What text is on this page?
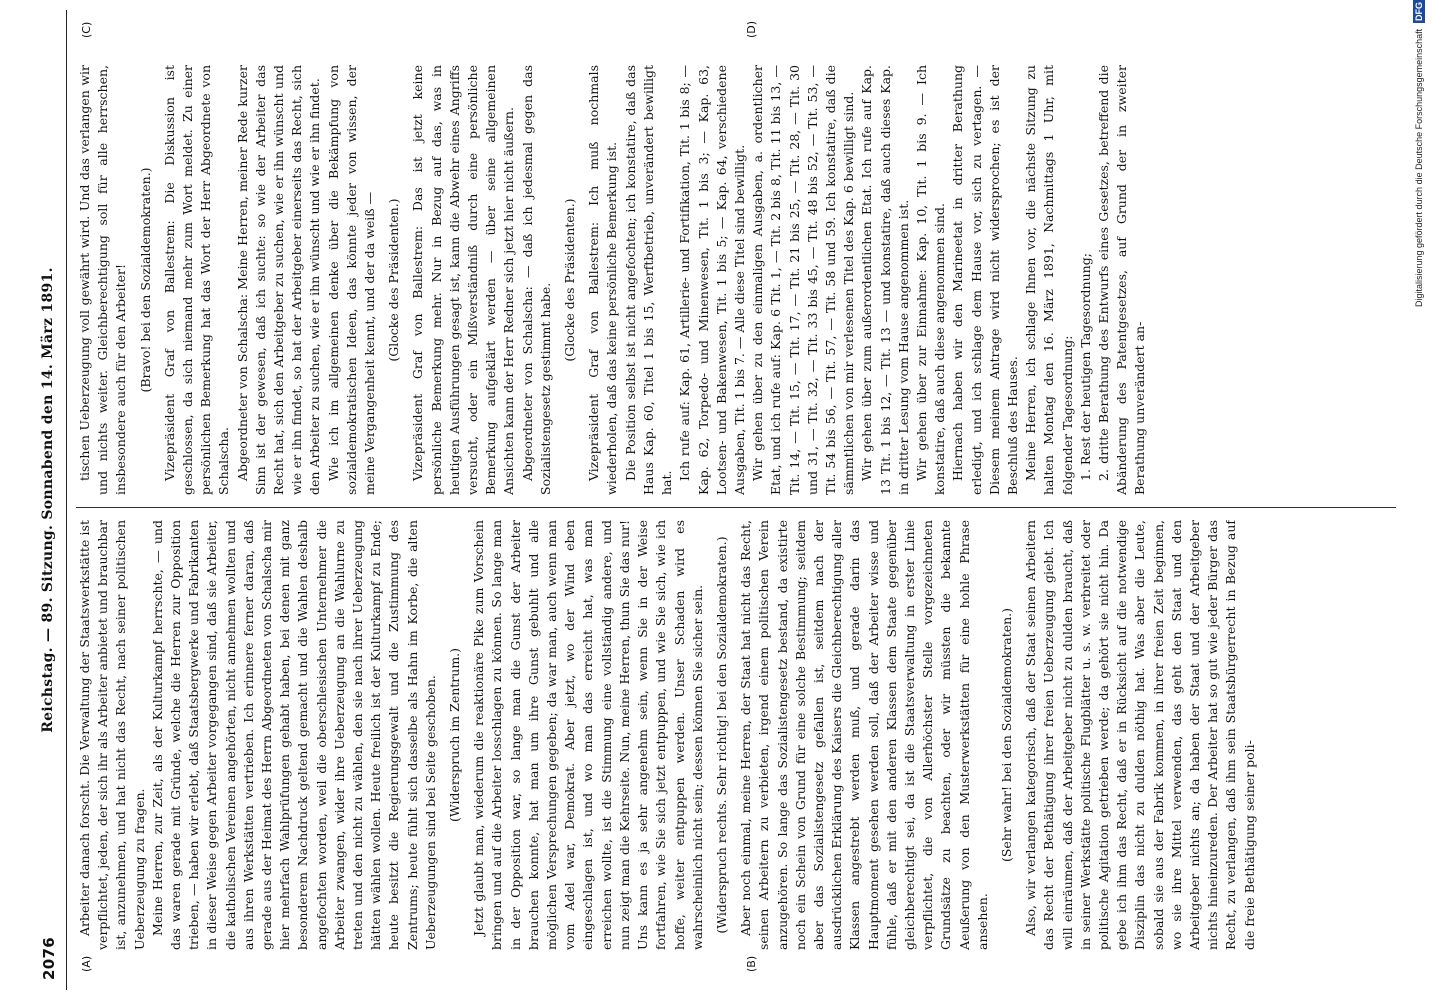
2076
Reichstag. — 89. Sitzung. Sonnabend den 14. März 1891.
(A)	(B)
(C)	(D)

Arbeiter danach forscht. Die Verwaltung der Staatswerkstätte ist verpflichtet, jeden, der sich ihr als Arbeiter anbietet und brauchbar ist, anzunehmen, und hat nicht das Recht, nach seiner politischen Ueberzeugung zu fragen. Meine Herren, zur Zeit, als der Kulturkampf herrschte, — und das waren gerade mit Gründe, welche die Herren zur Opposition trieben, — haben wir erlebt, daß Staatsbergwerke und Fabrikanten in dieser Weise gegen Arbeiter vorgegangen sind, daß sie Arbeiter, die katholischen Vereinen angehörten, nicht annehmen wollten und aus ihren Werkstätten vertrieben. Ich erinnere ferner daran, daß gerade aus der Heimat des Herrn Abgeordneten von Schalscha mir hier mehrfach Wahlprüfungen gehabt haben, bei denen mit ganz besonderem Nachdruck geltend gemacht und die Wahlen deshalb angefochten worden, weil die oberschlesischen Unternehmer die Arbeiter zwangen, wider ihre Ueberzeugung an die Wahlurne zu treten und den nicht zu wählen, den sie nach ihrer Ueberzeugung hätten wählen wollen. Heute freilich ist der Kulturkampf zu Ende; heute besitzt die Regierungsgewalt und die Zustimmung des Zentrums; heute fühlt sich dasselbe als Hahn im Korbe, die alten Ueberzeugungen sind bei Seite geschoben. (Widerspruch im Zentrum.) Jetzt glaubt man, wiederum die reaktionäre Pike zum Vorschein bringen und auf die Arbeiter losschlagen zu können. So lange man in der Opposition war, so lange man die Gunst der Arbeiter brauchen konnte, hat man um ihre Gunst gebuhlt und alle möglichen Versprechungen gegeben; da war man, auch wenn man vom Adel war, Demokrat. Aber jetzt, wo der Wind eben eingeschlagen ist, und wo man das erreicht hat, was man erreichen wollte, ist die Stimmung eine vollständig andere, und nun zeigt man die Kehrseite. Nun, meine Herren, thun Sie das nur! Uns kann es ja sehr angenehm sein, wenn Sie in der Weise fortfahren, wie Sie sich jetzt entpuppen, und wie Sie sich, wie ich hoffe, weiter entpuppen werden. Unser Schaden wird es wahrscheinlich nicht sein; dessen können Sie sicher sein. (Widerspruch rechts. Sehr richtig! bei den Sozialdemokraten.) Aber noch einmal, meine Herren, der Staat hat nicht das Recht, seinen Arbeitern zu verbieten, irgend einem politischen Verein anzugehören. So lange das Sozialistengesetz bestand, da existirte noch ein Schein von Grund für eine solche Bestimmung; seitdem aber das Sozialistengesetz gefallen ist, seitdem nach der ausdrücklichen Erklärung des Kaisers die Gleichberechtigung aller Klassen angestrebt werden muß, und gerade darin das Hauptmoment gesehen werden soll, daß der Arbeiter wisse und fühle, daß er mit den anderen Klassen dem Staate gegenüber gleichberechtigt sei, da ist die Staatsverwaltung in erster Linie verpflichtet, die von Allerhöchster Stelle vorgezeichneten Grundsätze zu beachten, oder wir müssten die bekannte Aeußerung von den Musterwerkstätten für eine hohle Phrase ansehen.

(Sehr wahr! bei den Sozialdemokraten.) Also, wir verlangen kategorisch, daß der Staat seinen Arbeitern das Recht der Bethätigung ihrer freien Ueberzeugung giebt. Ich will einräumen, daß der Arbeitgeber nicht zu dulden braucht, daß in seiner Werkstätte politische Flugblätter u. s. w. verbreitet oder politische Agitation getrieben werde; da gehört sie nicht hin. Da gebe ich ihm das Recht, daß er in Rücksicht auf die notwendige Disziplin das nicht zu dulden nöthig hat. Was aber die Leute, sobald sie aus der Fabrik kommen, in ihrer freien Zeit beginnen, wo sie ihre Mittel verwenden, das geht den Staat und den Arbeitgeber nichts an; da haben der Staat und der Arbeitgeber nichts hineinzureden. Der Arbeiter hat so gut wie jeder Bürger das Recht, zu verlangen, daß ihm sein Staatsbürgerrecht in Bezug auf die freie Bethätigung seiner poli-

tischen Ueberzeugung voll gewährt wird. Und das verlangen wir und nichts weiter. Gleichberechtigung soll für alle herrschen, insbesondere auch für den Arbeiter! (Bravo! bei den Sozialdemokraten.) Vizepräsident Graf von Ballestrem: Die Diskussion ist geschlossen, da sich niemand mehr zum Wort meldet. Zu einer persönlichen Bemerkung hat das Wort der Herr Abgeordnete von Schalscha. Abgeordneter von Schalscha: Meine Herren, meiner Rede kurzer Sinn ist der gewesen, daß ich suchte: so wie der Arbeiter das Recht hat, sich den Arbeitgeber zu suchen, wie er ihn wünscht und wie er ihn findet, so hat der Arbeitgeber einerseits das Recht, sich den Arbeiter zu suchen, wie er ihn wünscht und wie er ihn findet. Wie ich im allgemeinen denke über die Bekämpfung von sozialdemokratischen Ideen, das könnte jeder von wissen, der meine Vergangenheit kennt, und der da weiß — (Glocke des Präsidenten.) Vizepräsident Graf von Ballestrem: Das ist jetzt keine persönliche Bemerkung mehr. Nur in Bezug auf das, was in heutigen Ausführungen gesagt ist, kann die Abwehr eines Angriffs versucht, oder ein Mißverständniß durch eine persönliche Bemerkung aufgeklärt werden — über seine allgemeinen Ansichten kann der Herr Redner sich jetzt hier nicht äußern. Abgeordneter von Schalscha: — daß ich jedesmal gegen das Sozialistengesetz gestimmt habe.

(Glocke des Präsidenten.) Vizepräsident Graf von Ballestrem: Ich muß nochmals wiederholen, daß das keine persönliche Bemerkung ist. Die Position selbst ist nicht angefochten; ich konstatire, daß das Haus Kap. 60, Titel 1 bis 15, Werftbetrieb, unverändert bewilligt hat.

Ich rufe auf: Kap. 61, Artillerie- und Fortifikation, Tit. 1 bis 8; — Kap. 62, Torpedo- und Minenwesen, Tit. 1 bis 3; — Kap. 63, Lootsen- und Bakenwesen, Tit. 1 bis 5; — Kap. 64, verschiedene Ausgaben, Tit. 1 bis 7. — Alle diese Titel sind bewilligt. Wir gehen über zu den einmaligen Ausgaben, a. ordentlicher Etat, und ich rufe auf: Kap. 6 Tit. 1, — Tit. 2 bis 8, Tit. 11 bis 13, — Tit. 14, — Tit. 15, — Tit. 17, — Tit. 21 bis 25, — Tit. 28, — Tit. 30 und 31, — Tit. 32, — Tit. 33 bis 45, — Tit. 48 bis 52, — Tit. 53, — Tit. 54 bis 56, — Tit. 57, — Tit. 58 und 59. Ich konstatire, daß die sämmtlichen von mir verlesenen Titel des Kap. 6 bewilligt sind. Wir gehen über zum außerordentlichen Etat. Ich rufe auf Kap. 13 Tit. 1 bis 12, — Tit. 13 — und konstatire, daß auch dieses Kap. in dritter Lesung vom Hause angenommen ist. Wir gehen über zur Einnahme: Kap. 10, Tit. 1 bis 9. — Ich konstatire, daß auch diese angenommen sind. Hiernach haben wir den Marineetat in dritter Berathung erledigt, und ich schlage dem Hause vor, sich zu vertagen. — Diesem meinem Antrage wird nicht widersprochen; es ist der Beschluß des Hauses. Meine Herren, ich schlage Ihnen vor, die nächste Sitzung zu halten Montag den 16. März 1891, Nachmittags 1 Uhr, mit folgender Tagesordnung: 1. Rest der heutigen Tagesordnung; 2. dritte Berathung des Entwurfs eines Gesetzes, betreffend die Abänderung des Patentgesetzes, auf Grund der in zweiter Berathung unverändert an-

Digitalisierung gefördert durch die Deutsche Forschungsgemeinschaft
DFG
